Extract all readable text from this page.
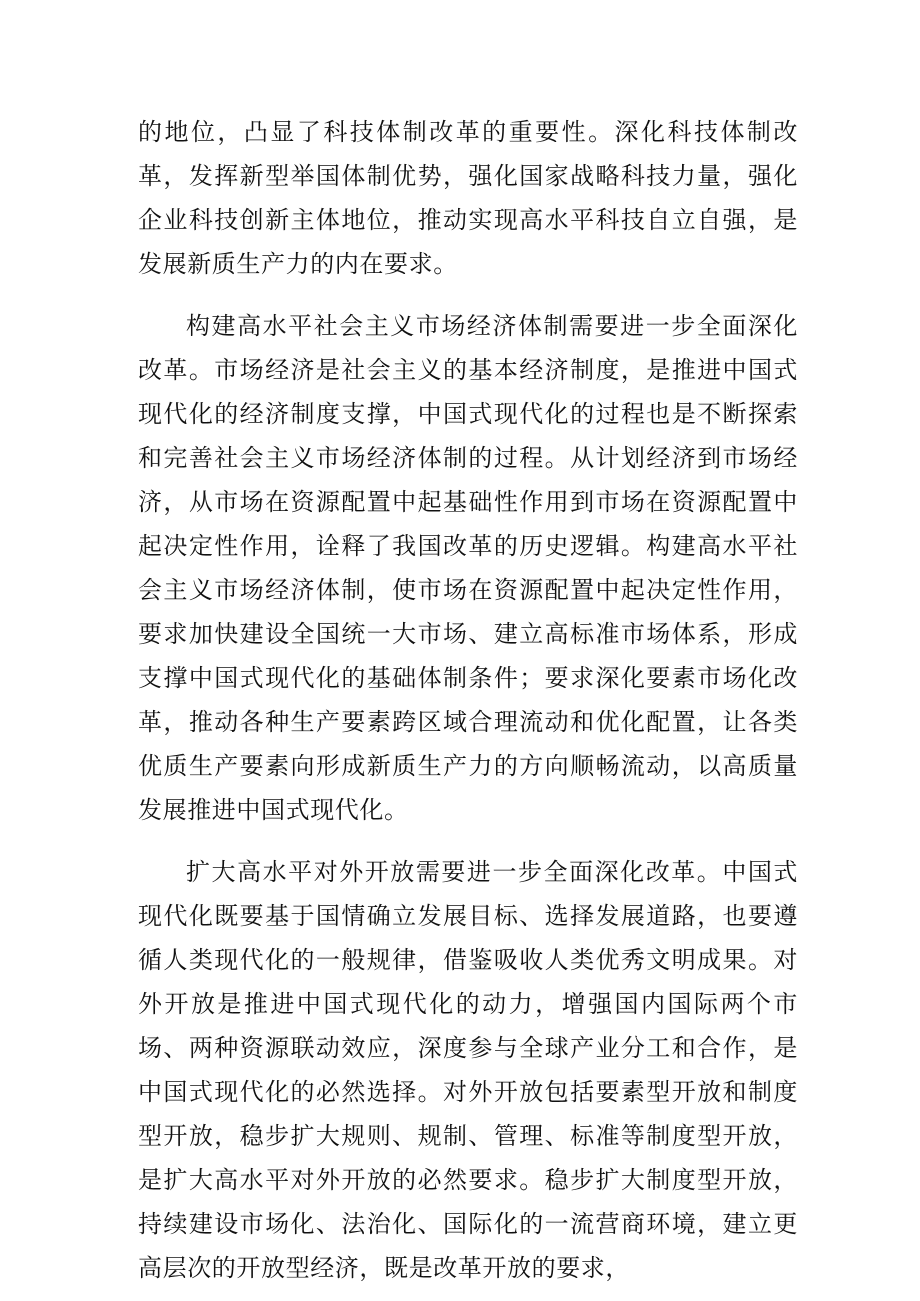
的地位，凸显了科技体制改革的重要性。深化科技体制改革，发挥新型举国体制优势，强化国家战略科技力量，强化企业科技创新主体地位，推动实现高水平科技自立自强，是发展新质生产力的内在要求。

构建高水平社会主义市场经济体制需要进一步全面深化改革。市场经济是社会主义的基本经济制度，是推进中国式现代化的经济制度支撑，中国式现代化的过程也是不断探索和完善社会主义市场经济体制的过程。从计划经济到市场经济，从市场在资源配置中起基础性作用到市场在资源配置中起决定性作用，诠释了我国改革的历史逻辑。构建高水平社会主义市场经济体制，使市场在资源配置中起决定性作用，要求加快建设全国统一大市场、建立高标准市场体系，形成支撑中国式现代化的基础体制条件；要求深化要素市场化改革，推动各种生产要素跨区域合理流动和优化配置，让各类优质生产要素向形成新质生产力的方向顺畅流动，以高质量发展推进中国式现代化。

扩大高水平对外开放需要进一步全面深化改革。中国式现代化既要基于国情确立发展目标、选择发展道路，也要遵循人类现代化的一般规律，借鉴吸收人类优秀文明成果。对外开放是推进中国式现代化的动力，增强国内国际两个市场、两种资源联动效应，深度参与全球产业分工和合作，是中国式现代化的必然选择。对外开放包括要素型开放和制度型开放，稳步扩大规则、规制、管理、标准等制度型开放，是扩大高水平对外开放的必然要求。稳步扩大制度型开放，持续建设市场化、法治化、国际化的一流营商环境，建立更高层次的开放型经济，既是改革开放的要求，
